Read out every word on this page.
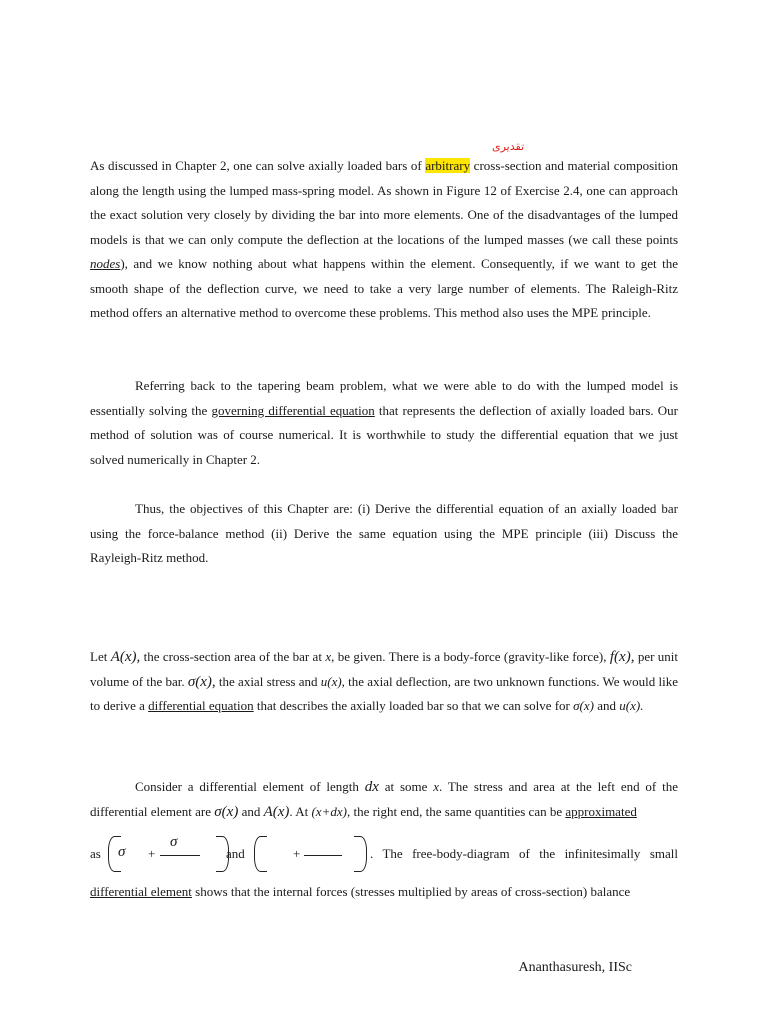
تقدیری

As discussed in Chapter 2, one can solve axially loaded bars of arbitrary cross-section and material composition along the length using the lumped mass-spring model. As shown in Figure 12 of Exercise 2.4, one can approach the exact solution very closely by dividing the bar into more elements. One of the disadvantages of the lumped models is that we can only compute the deflection at the locations of the lumped masses (we call these points nodes), and we know nothing about what happens within the element. Consequently, if we want to get the smooth shape of the deflection curve, we need to take a very large number of elements. The Raleigh-Ritz method offers an alternative method to overcome these problems. This method also uses the MPE principle.

Referring back to the tapering beam problem, what we were able to do with the lumped model is essentially solving the governing differential equation that represents the deflection of axially loaded bars. Our method of solution was of course numerical. It is worthwhile to study the differential equation that we just solved numerically in Chapter 2.

Thus, the objectives of this Chapter are: (i) Derive the differential equation of an axially loaded bar using the force-balance method (ii) Derive the same equation using the MPE principle (iii) Discuss the Rayleigh-Ritz method.

Let A(x), the cross-section area of the bar at x, be given. There is a body-force (gravity-like force), f(x), per unit volume of the bar. σ(x), the axial stress and u(x), the axial deflection, are two unknown functions. We would like to derive a differential equation that describes the axially loaded bar so that we can solve for σ(x) and u(x).

Consider a differential element of length dx at some x. The stress and area at the left end of the differential element are σ(x) and A(x). At (x+dx), the right end, the same quantities can be approximated

as σ +
σ
and	+	. The free-body-diagram of the infinitesimally small

differential element shows that the internal forces (stresses multiplied by areas of cross-section) balance

Ananthasuresh, IISc
